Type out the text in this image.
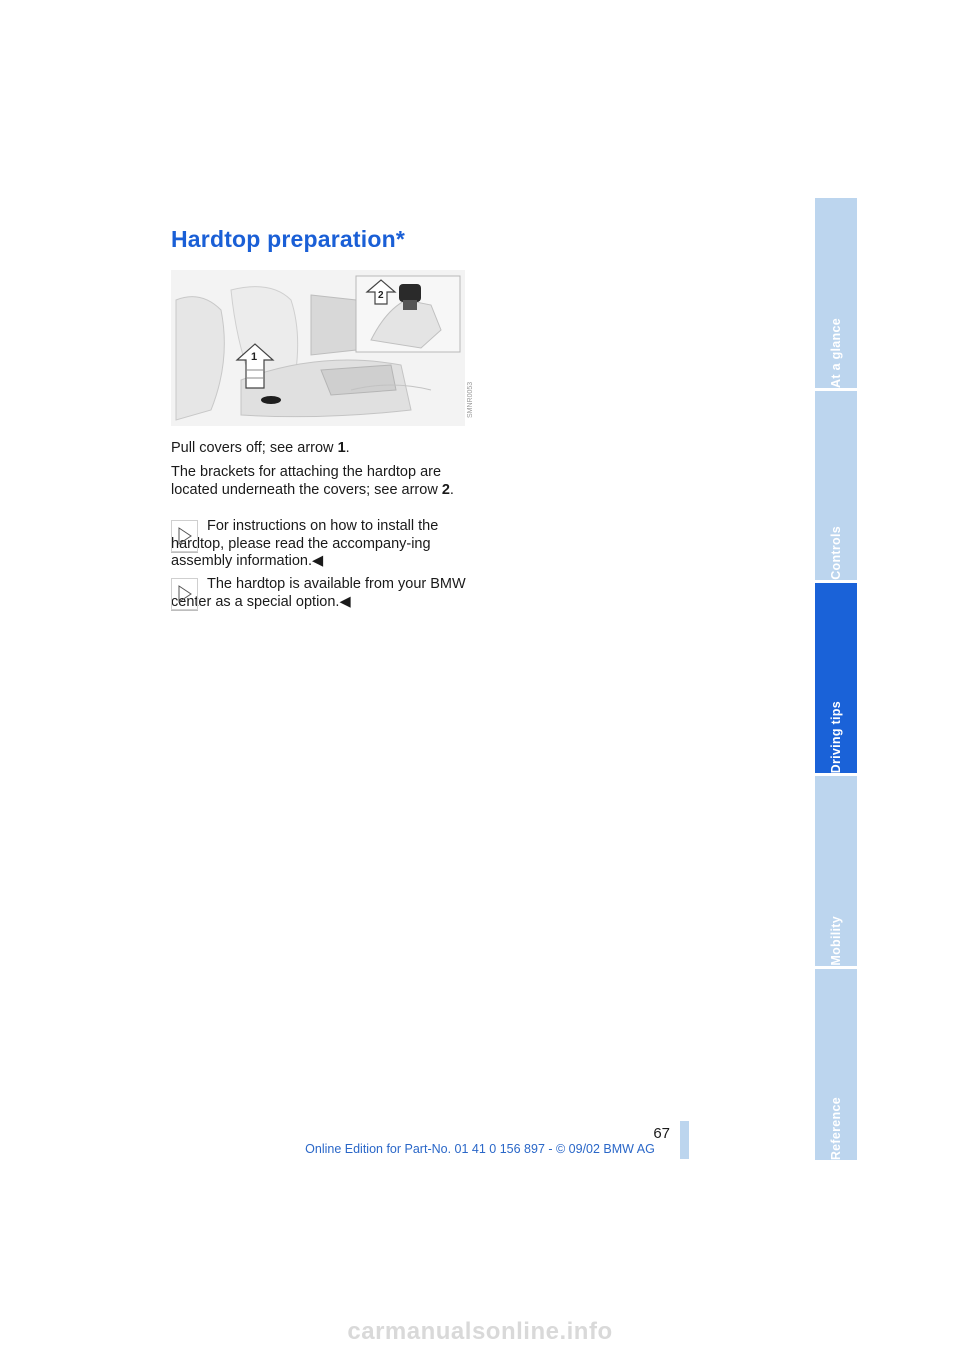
Hardtop preparation*
2
1
SMNR0053

Pull covers off; see arrow 1.

The brackets for attaching the hardtop are located underneath the covers; see arrow 2.

For instructions on how to install the hardtop, please read the accompany-ing assembly information.◀

The hardtop is available from your BMW center as a special option.◀

At a glance
Controls
Driving tips
Mobility
Reference
67
Online Edition for Part-No. 01 41 0 156 897 - © 09/02 BMW AG
carmanualsonline.info
